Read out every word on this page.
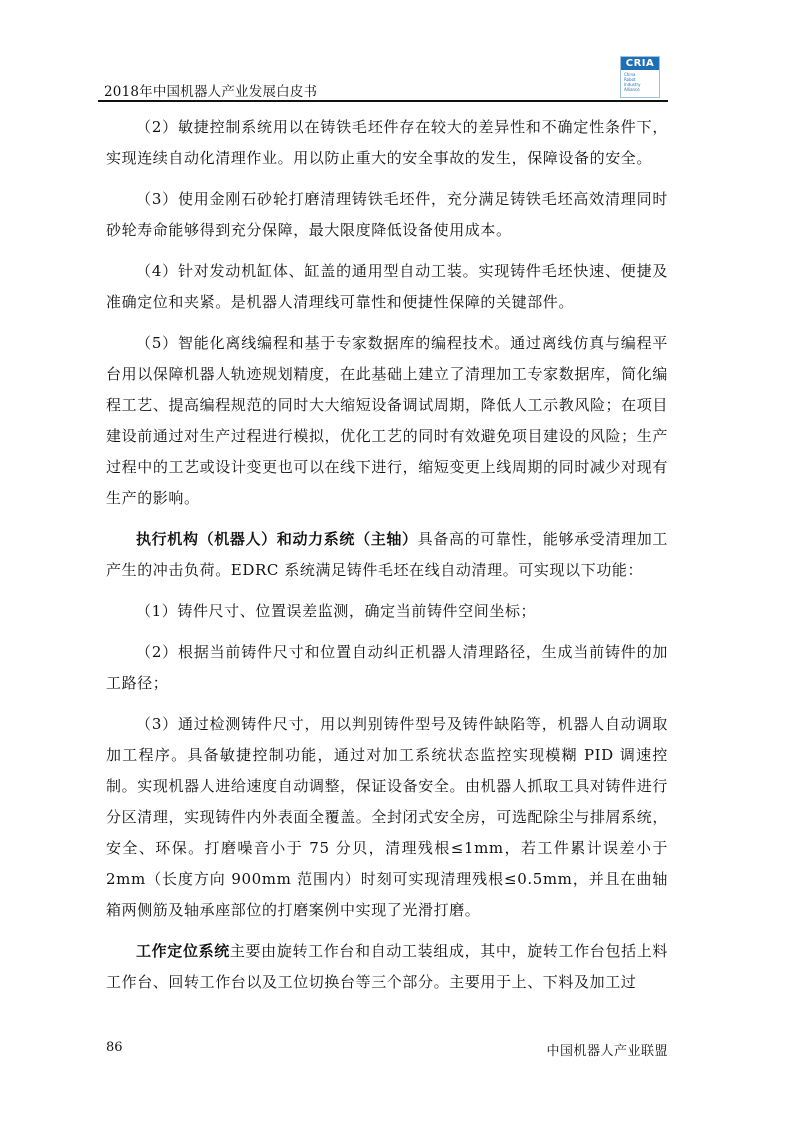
2018年中国机器人产业发展白皮书
CRIA
China
Robot
Industry
Alliance

（2）敏捷控制系统用以在铸铁毛坯件存在较大的差异性和不确定性条件下，实现连续自动化清理作业。用以防止重大的安全事故的发生，保障设备的安全。

（3）使用金刚石砂轮打磨清理铸铁毛坯件，充分满足铸铁毛坯高效清理同时砂轮寿命能够得到充分保障，最大限度降低设备使用成本。

（4）针对发动机缸体、缸盖的通用型自动工装。实现铸件毛坯快速、便捷及准确定位和夹紧。是机器人清理线可靠性和便捷性保障的关键部件。

（5）智能化离线编程和基于专家数据库的编程技术。通过离线仿真与编程平台用以保障机器人轨迹规划精度，在此基础上建立了清理加工专家数据库，简化编程工艺、提高编程规范的同时大大缩短设备调试周期，降低人工示教风险；在项目建设前通过对生产过程进行模拟，优化工艺的同时有效避免项目建设的风险；生产过程中的工艺或设计变更也可以在线下进行，缩短变更上线周期的同时减少对现有生产的影响。

执行机构（机器人）和动力系统（主轴）具备高的可靠性，能够承受清理加工产生的冲击负荷。EDRC 系统满足铸件毛坯在线自动清理。可实现以下功能：

（1）铸件尺寸、位置误差监测，确定当前铸件空间坐标；

（2）根据当前铸件尺寸和位置自动纠正机器人清理路径，生成当前铸件的加工路径；

（3）通过检测铸件尺寸，用以判别铸件型号及铸件缺陷等，机器人自动调取加工程序。具备敏捷控制功能，通过对加工系统状态监控实现模糊 PID 调速控制。实现机器人进给速度自动调整，保证设备安全。由机器人抓取工具对铸件进行分区清理，实现铸件内外表面全覆盖。全封闭式安全房，可选配除尘与排屑系统，安全、环保。打磨噪音小于 75 分贝，清理残根≤1mm，若工件累计误差小于 2mm（长度方向 900mm 范围内）时刻可实现清理残根≤0.5mm，并且在曲轴箱两侧筋及轴承座部位的打磨案例中实现了光滑打磨。

工作定位系统主要由旋转工作台和自动工装组成，其中，旋转工作台包括上料工作台、回转工作台以及工位切换台等三个部分。主要用于上、下料及加工过

86	中国机器人产业联盟
